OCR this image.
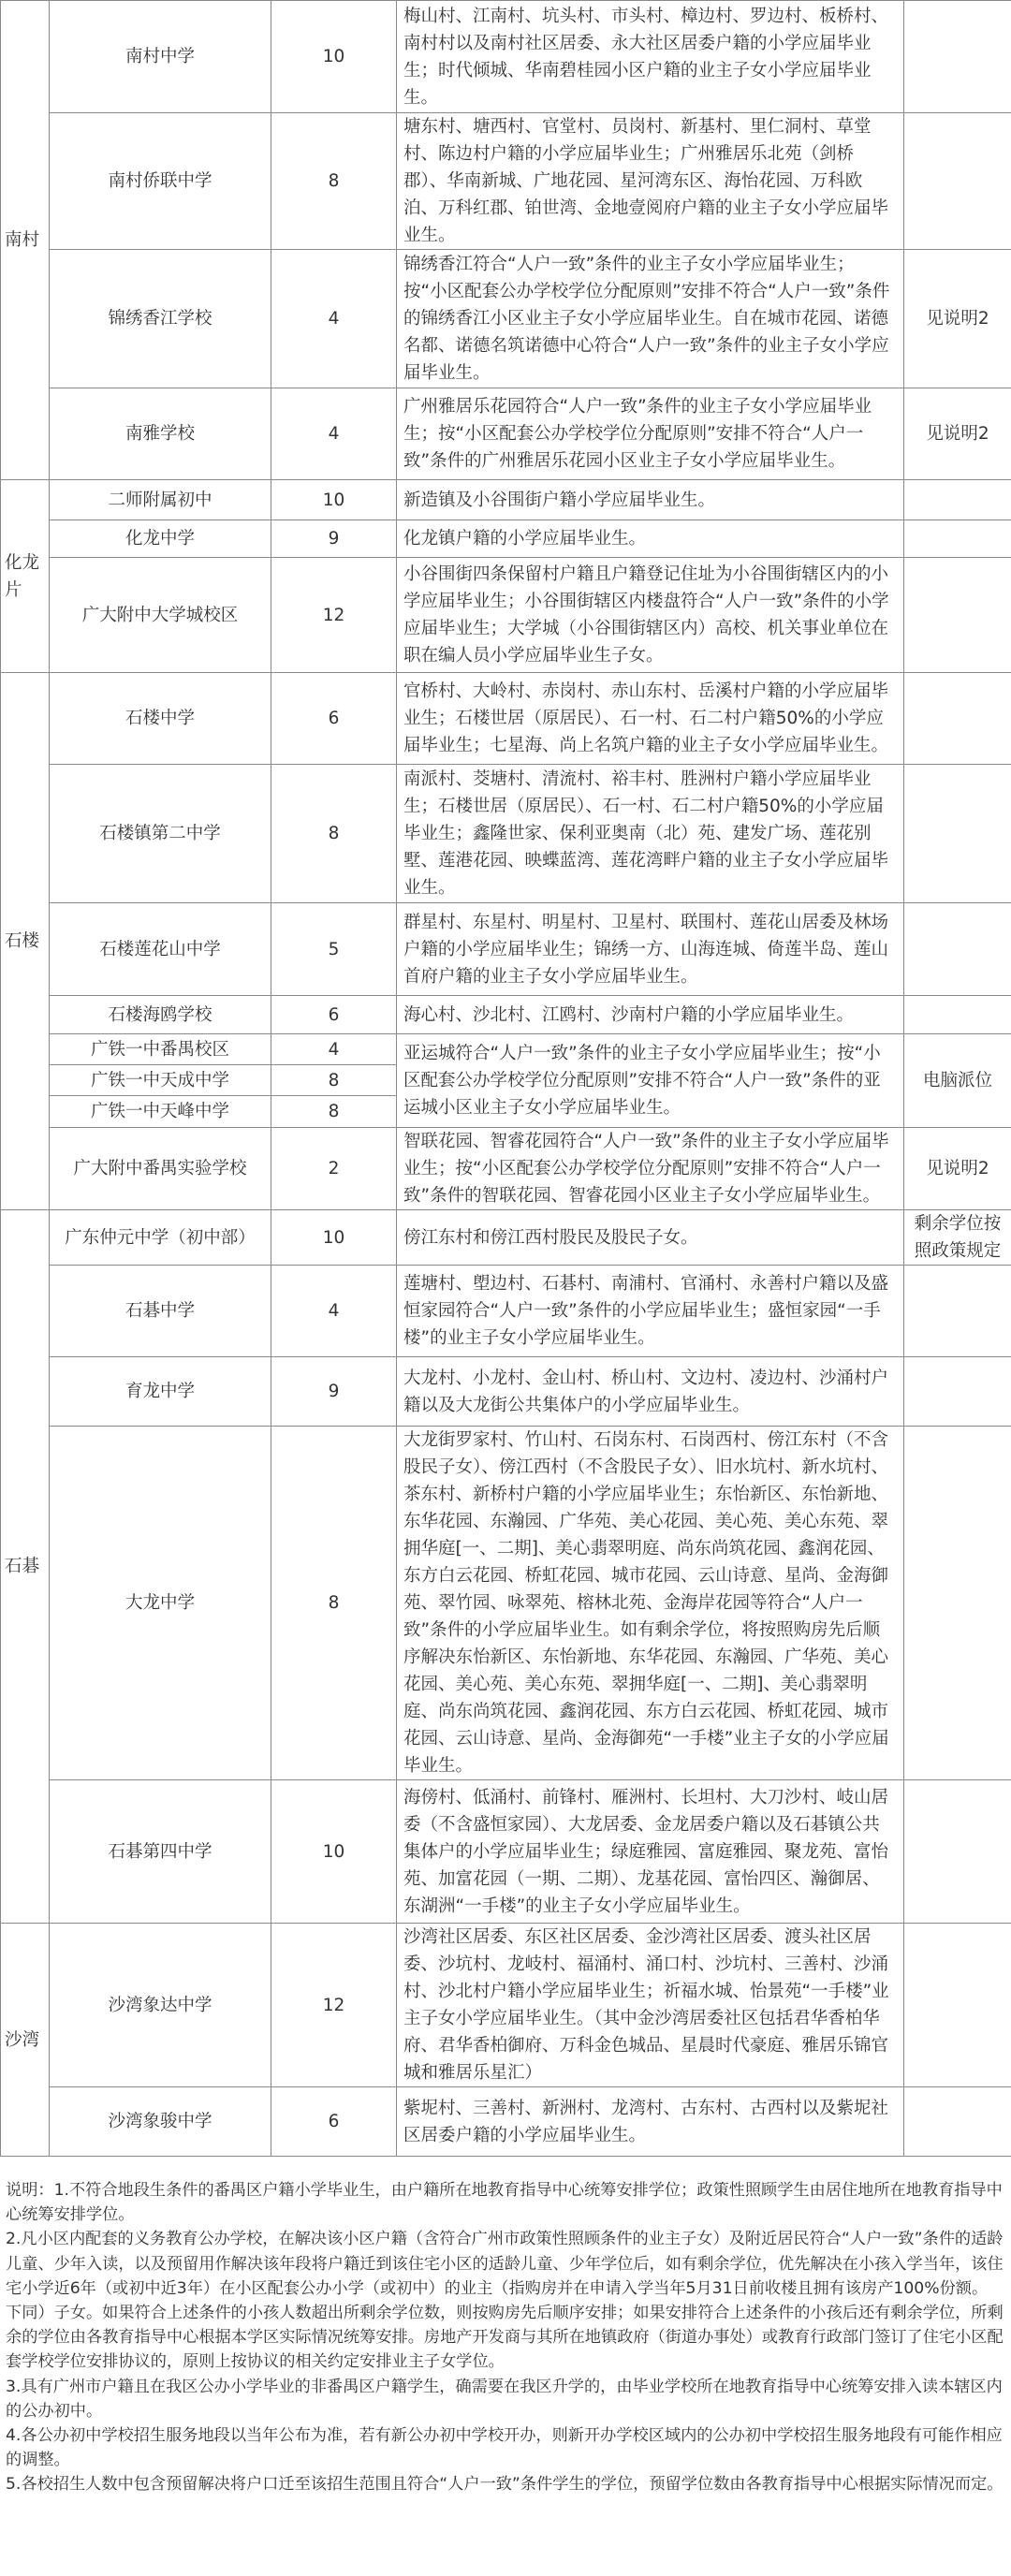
南村	南村中学	10	梅山村、江南村、坑头村、市头村、樟边村、罗边村、板桥村、南村村以及南村社区居委、永大社区居委户籍的小学应届毕业生；时代倾城、华南碧桂园小区户籍的业主子女小学应届毕业生。	
	南村侨联中学	8	塘东村、塘西村、官堂村、员岗村、新基村、里仁洞村、草堂村、陈边村户籍的小学应届毕业生；广州雅居乐北苑（剑桥郡）、华南新城、广地花园、星河湾东区、海怡花园、万科欧泊、万科红郡、铂世湾、金地壹阅府户籍的业主子女小学应届毕业生。	
	锦绣香江学校	4	锦绣香江符合“人户一致”条件的业主子女小学应届毕业生；按“小区配套公办学校学位分配原则”安排不符合“人户一致”条件的锦绣香江小区业主子女小学应届毕业生。自在城市花园、诺德名都、诺德名筑诺德中心符合“人户一致”条件的业主子女小学应届毕业生。	见说明2
	南雅学校	4	广州雅居乐花园符合“人户一致”条件的业主子女小学应届毕业生；按“小区配套公办学校学位分配原则”安排不符合“人户一致”条件的广州雅居乐花园小区业主子女小学应届毕业生。	见说明2
化龙片	二师附属初中	10	新造镇及小谷围街户籍小学应届毕业生。	
	化龙中学	9	化龙镇户籍的小学应届毕业生。	
	广大附中大学城校区	12	小谷围街四条保留村户籍且户籍登记住址为小谷围街辖区内的小学应届毕业生；小谷围街辖区内楼盘符合“人户一致”条件的小学应届毕业生；大学城（小谷围街辖区内）高校、机关事业单位在职在编人员小学应届毕业生子女。	
石楼	石楼中学	6	官桥村、大岭村、赤岗村、赤山东村、岳溪村户籍的小学应届毕业生；石楼世居（原居民）、石一村、石二村户籍50%的小学应届毕业生；七星海、尚上名筑户籍的业主子女小学应届毕业生。	
	石楼镇第二中学	8	南派村、茭塘村、清流村、裕丰村、胜洲村户籍小学应届毕业生；石楼世居（原居民）、石一村、石二村户籍50%的小学应届毕业生；鑫隆世家、保利亚奥南（北）苑、建发广场、莲花别墅、莲港花园、映蝶蓝湾、莲花湾畔户籍的业主子女小学应届毕业生。	
	石楼莲花山中学	5	群星村、东星村、明星村、卫星村、联围村、莲花山居委及林场户籍的小学应届毕业生；锦绣一方、山海连城、倚莲半岛、莲山首府户籍的业主子女小学应届毕业生。	
	石楼海鸥学校	6	海心村、沙北村、江鸥村、沙南村户籍的小学应届毕业生。	
	广铁一中番禺校区	4	亚运城符合“人户一致”条件的业主子女小学应届毕业生；按“小区配套公办学校学位分配原则”安排不符合“人户一致”条件的亚运城小区业主子女小学应届毕业生。	电脑派位
	广铁一中天成中学	8		
	广铁一中天峰中学	8		
	广大附中番禺实验学校	2	智联花园、智睿花园符合“人户一致”条件的业主子女小学应届毕业生；按“小区配套公办学校学位分配原则”安排不符合“人户一致”条件的智联花园、智睿花园小区业主子女小学应届毕业生。	见说明2
石碁	广东仲元中学（初中部）	10	傍江东村和傍江西村股民及股民子女。	剩余学位按照政策规定
	石碁中学	4	莲塘村、塱边村、石碁村、南浦村、官涌村、永善村户籍以及盛恒家园符合“人户一致”条件的小学应届毕业生；盛恒家园“一手楼”的业主子女小学应届毕业生。	
	育龙中学	9	大龙村、小龙村、金山村、桥山村、文边村、凌边村、沙涌村户籍以及大龙街公共集体户的小学应届毕业生。	
	大龙中学	8	大龙街罗家村、竹山村、石岗东村、石岗西村、傍江东村（不含股民子女）、傍江西村（不含股民子女）、旧水坑村、新水坑村、茶东村、新桥村户籍的小学应届毕业生；东怡新区、东怡新地、东华花园、东瀚园、广华苑、美心花园、美心苑、美心东苑、翠拥华庭[一、二期]、美心翡翠明庭、尚东尚筑花园、鑫润花园、东方白云花园、桥虹花园、城市花园、云山诗意、星尚、金海御苑、翠竹园、咏翠苑、榕林北苑、金海岸花园等符合“人户一致”条件的小学应届毕业生。如有剩余学位，将按照购房先后顺序解决东怡新区、东怡新地、东华花园、东瀚园、广华苑、美心花园、美心苑、美心东苑、翠拥华庭[一、二期]、美心翡翠明庭、尚东尚筑花园、鑫润花园、东方白云花园、桥虹花园、城市花园、云山诗意、星尚、金海御苑“一手楼”业主子女的小学应届毕业生。	
	石碁第四中学	10	海傍村、低涌村、前锋村、雁洲村、长坦村、大刀沙村、岐山居委（不含盛恒家园）、大龙居委、金龙居委户籍以及石碁镇公共集体户的小学应届毕业生；绿庭雅园、富庭雅园、聚龙苑、富怡苑、加富花园（一期、二期）、龙基花园、富怡四区、瀚御居、东湖洲“一手楼”的业主子女小学应届毕业生。	
沙湾	沙湾象达中学	12	沙湾社区居委、东区社区居委、金沙湾社区居委、渡头社区居委、沙坑村、龙岐村、福涌村、涌口村、沙坑村、三善村、沙涌村、沙北村户籍小学应届毕业生；祈福水城、怡景苑“一手楼”业主子女小学应届毕业生。（其中金沙湾居委社区包括君华香柏华府、君华香柏御府、万科金色城品、星晨时代豪庭、雅居乐锦官城和雅居乐星汇）	
	沙湾象骏中学	6	紫坭村、三善村、新洲村、龙湾村、古东村、古西村以及紫坭社区居委户籍的小学应届毕业生。	

说明：1.不符合地段生条件的番禺区户籍小学毕业生，由户籍所在地教育指导中心统筹安排学位；政策性照顾学生由居住地所在地教育指导中心统筹安排学位。

2.凡小区内配套的义务教育公办学校，在解决该小区户籍（含符合广州市政策性照顾条件的业主子女）及附近居民符合“人户一致”条件的适龄儿童、少年入读，以及预留用作解决该年段将户籍迁到该住宅小区的适龄儿童、少年学位后，如有剩余学位，优先解决在小孩入学当年，该住宅小学近6年（或初中近3年）在小区配套公办小学（或初中）的业主（指购房并在申请入学当年5月31日前收楼且拥有该房产100%份额。下同）子女。如果符合上述条件的小孩人数超出所剩余学位数，则按购房先后顺序安排；如果安排符合上述条件的小孩后还有剩余学位，所剩余的学位由各教育指导中心根据本学区实际情况统筹安排。房地产开发商与其所在地镇政府（街道办事处）或教育行政部门签订了住宅小区配套学校学位安排协议的，原则上按协议的相关约定安排业主子女学位。

3.具有广州市户籍且在我区公办小学毕业的非番禺区户籍学生，确需要在我区升学的，由毕业学校所在地教育指导中心统筹安排入读本辖区内的公办初中。

4.各公办初中学校招生服务地段以当年公布为准，若有新公办初中学校开办，则新开办学校区域内的公办初中学校招生服务地段有可能作相应的调整。

5.各校招生人数中包含预留解决将户口迁至该招生范围且符合“人户一致”条件学生的学位，预留学位数由各教育指导中心根据实际情况而定。
